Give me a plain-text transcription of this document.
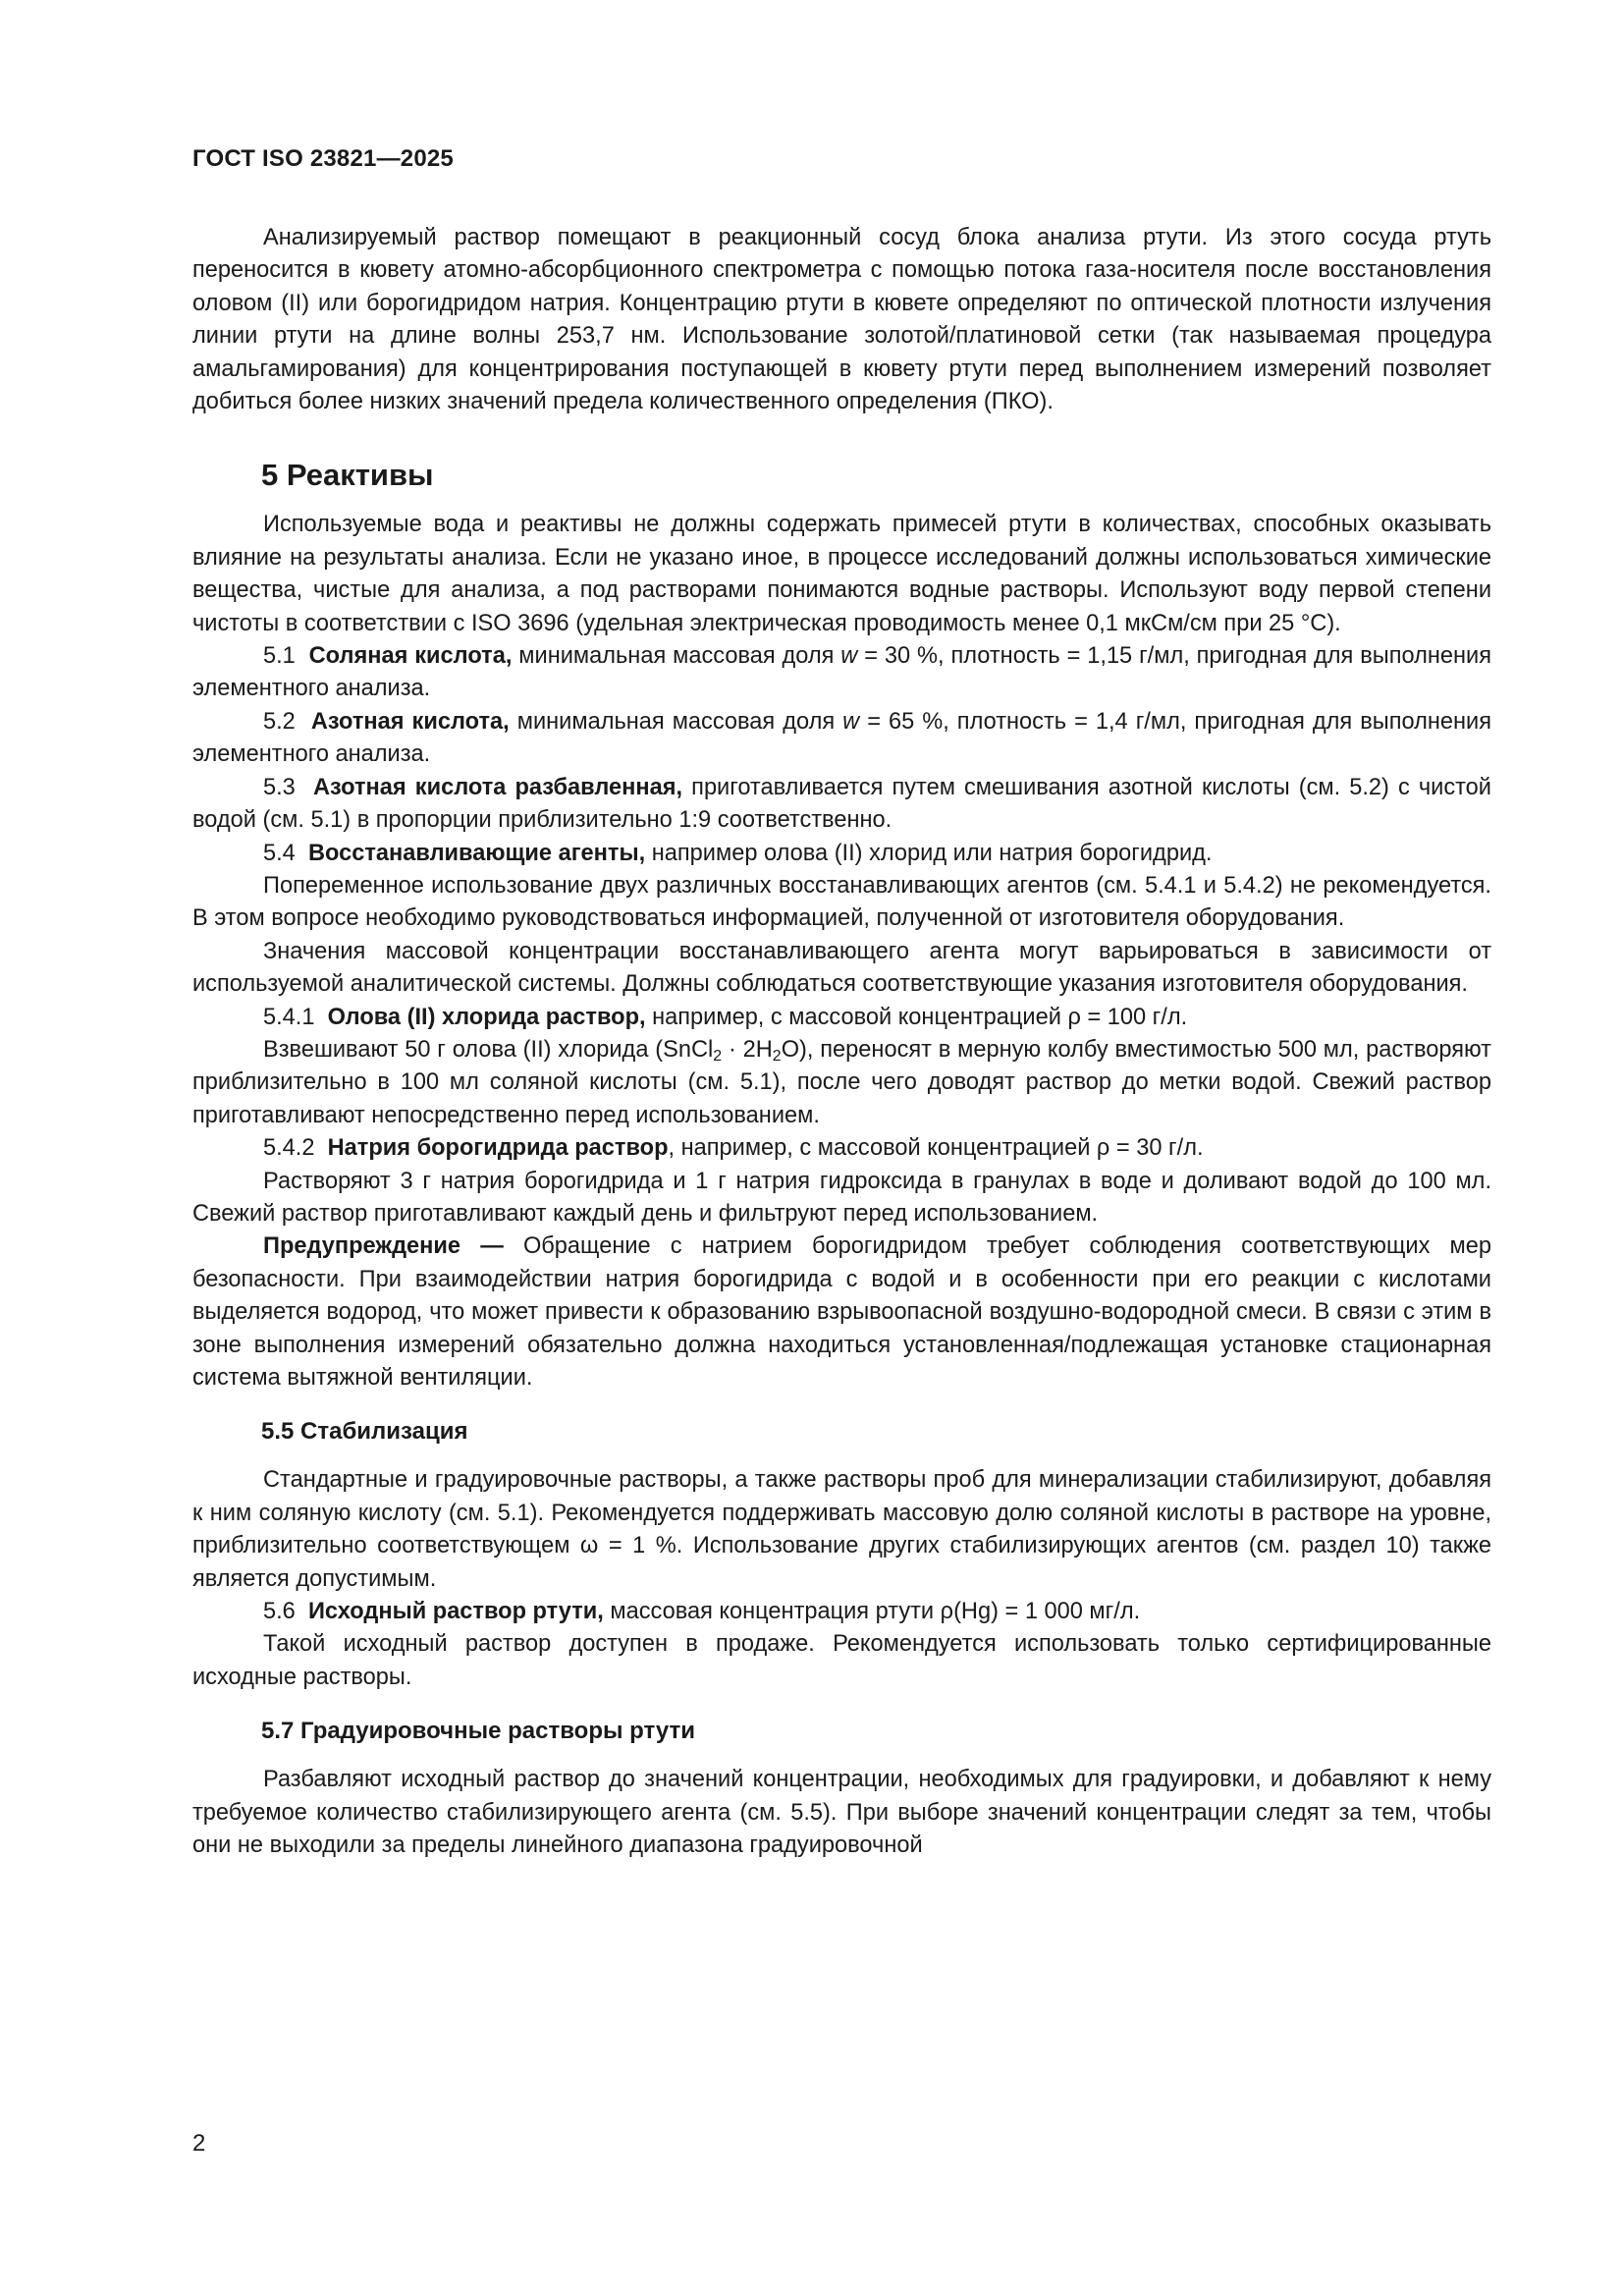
ГОСТ ISO 23821—2025

Анализируемый раствор помещают в реакционный сосуд блока анализа ртути. Из этого сосуда ртуть переносится в кювету атомно-абсорбционного спектрометра с помощью потока газа-носителя после восстановления оловом (II) или борогидридом натрия. Концентрацию ртути в кювете определяют по оптической плотности излучения линии ртути на длине волны 253,7 нм. Использование золотой/платиновой сетки (так называемая процедура амальгамирования) для концентрирования поступающей в кювету ртути перед выполнением измерений позволяет добиться более низких значений предела количественного определения (ПКО).

5 Реактивы

Используемые вода и реактивы не должны содержать примесей ртути в количествах, способных оказывать влияние на результаты анализа. Если не указано иное, в процессе исследований должны использоваться химические вещества, чистые для анализа, а под растворами понимаются водные растворы. Используют воду первой степени чистоты в соответствии с ISO 3696 (удельная электрическая проводимость менее 0,1 мкСм/см при 25 °С).

5.1 Соляная кислота, минимальная массовая доля w = 30 %, плотность = 1,15 г/мл, пригодная для выполнения элементного анализа.

5.2 Азотная кислота, минимальная массовая доля w = 65 %, плотность = 1,4 г/мл, пригодная для выполнения элементного анализа.

5.3 Азотная кислота разбавленная, приготавливается путем смешивания азотной кислоты (см. 5.2) с чистой водой (см. 5.1) в пропорции приблизительно 1:9 соответственно.

5.4 Восстанавливающие агенты, например олова (II) хлорид или натрия борогидрид.

Попеременное использование двух различных восстанавливающих агентов (см. 5.4.1 и 5.4.2) не рекомендуется. В этом вопросе необходимо руководствоваться информацией, полученной от изготовителя оборудования.

Значения массовой концентрации восстанавливающего агента могут варьироваться в зависимости от используемой аналитической системы. Должны соблюдаться соответствующие указания изготовителя оборудования.

5.4.1 Олова (II) хлорида раствор, например, с массовой концентрацией ρ = 100 г/л.

Взвешивают 50 г олова (II) хлорида (SnCl$_2$ · $2H_2O$), переносят в мерную колбу вместимостью 500 мл, растворяют приблизительно в 100 мл соляной кислоты (см. 5.1), после чего доводят раствор до метки водой. Свежий раствор приготавливают непосредственно перед использованием.

5.4.2 Натрия борогидрида раствор, например, с массовой концентрацией ρ = 30 г/л.

Растворяют 3 г натрия борогидрида и 1 г натрия гидроксида в гранулах в воде и доливают водой до 100 мл. Свежий раствор приготавливают каждый день и фильтруют перед использованием.

Предупреждение — Обращение с натрием борогидридом требует соблюдения соответствующих мер безопасности. При взаимодействии натрия борогидрида с водой и в особенности при его реакции с кислотами выделяется водород, что может привести к образованию взрывоопасной воздушно-водородной смеси. В связи с этим в зоне выполнения измерений обязательно должна находиться установленная/подлежащая установке стационарная система вытяжной вентиляции.

5.5 Стабилизация

Стандартные и градуировочные растворы, а также растворы проб для минерализации стабилизируют, добавляя к ним соляную кислоту (см. 5.1). Рекомендуется поддерживать массовую долю соляной кислоты в растворе на уровне, приблизительно соответствующем ω = 1 %. Использование других стабилизирующих агентов (см. раздел 10) также является допустимым.

5.6 Исходный раствор ртути, массовая концентрация ртути ρ(Hg) = 1 000 мг/л.

Такой исходный раствор доступен в продаже. Рекомендуется использовать только сертифицированные исходные растворы.

5.7 Градуировочные растворы ртути

Разбавляют исходный раствор до значений концентрации, необходимых для градуировки, и добавляют к нему требуемое количество стабилизирующего агента (см. 5.5). При выборе значений концентрации следят за тем, чтобы они не выходили за пределы линейного диапазона градуировочной

2
